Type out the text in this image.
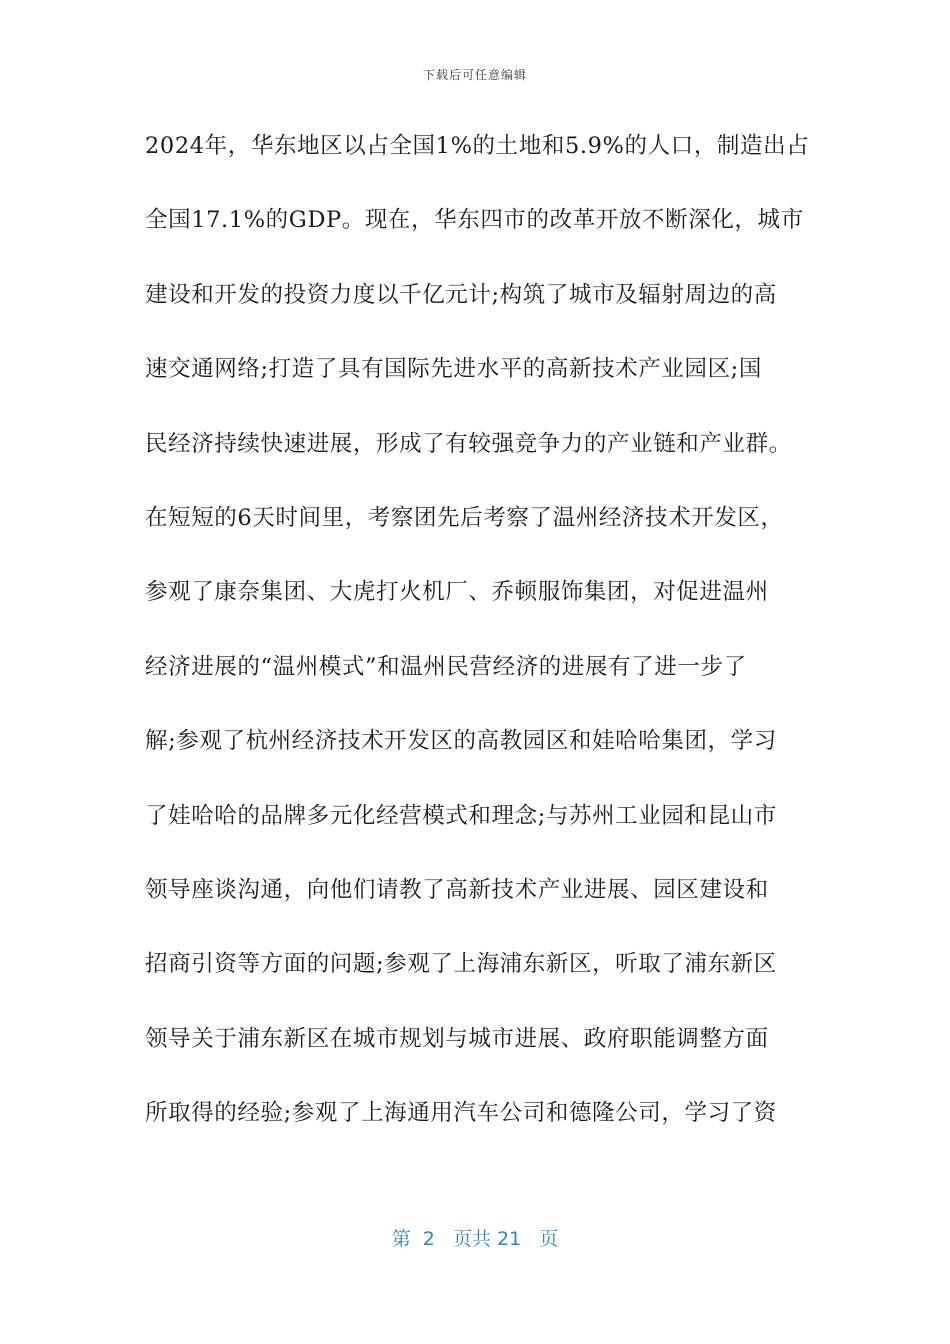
下载后可任意编辑
2024年，华东地区以占全国1%的土地和5.9%的人口，制造出占
全国17.1%的GDP。现在，华东四市的改革开放不断深化，城市
建设和开发的投资力度以千亿元计;构筑了城市及辐射周边的高
速交通网络;打造了具有国际先进水平的高新技术产业园区;国
民经济持续快速进展，形成了有较强竞争力的产业链和产业群。
在短短的6天时间里，考察团先后考察了温州经济技术开发区，
参观了康奈集团、大虎打火机厂、乔顿服饰集团，对促进温州
经济进展的“温州模式”和温州民营经济的进展有了进一步了
解;参观了杭州经济技术开发区的高教园区和娃哈哈集团，学习
了娃哈哈的品牌多元化经营模式和理念;与苏州工业园和昆山市
领导座谈沟通，向他们请教了高新技术产业进展、园区建设和
招商引资等方面的问题;参观了上海浦东新区，听取了浦东新区
领导关于浦东新区在城市规划与城市进展、政府职能调整方面
所取得的经验;参观了上海通用汽车公司和德隆公司，学习了资
第  2   页共 21   页
